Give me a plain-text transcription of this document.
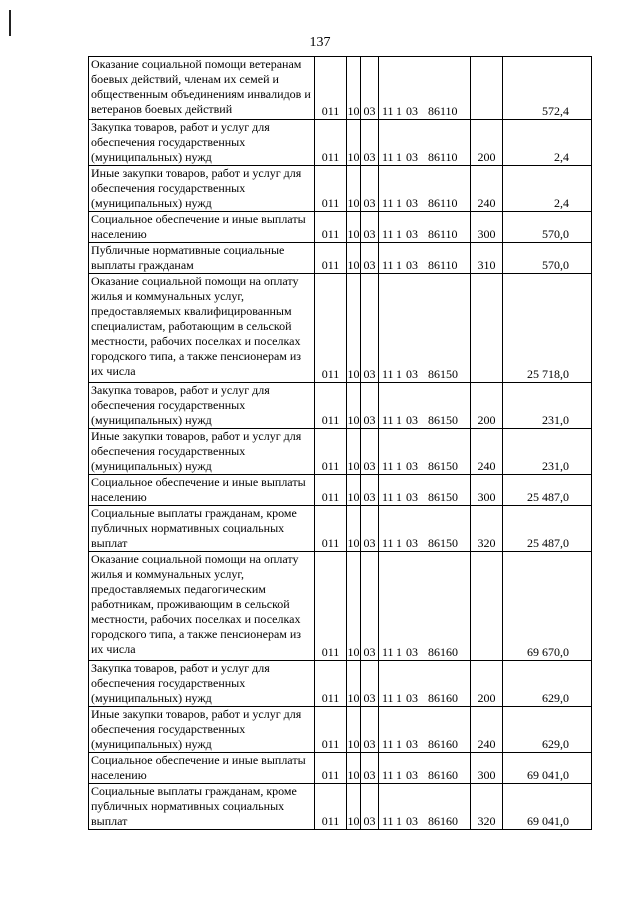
137
Оказание социальной помощи ветеранам боевых действий, членам их семей и общественным объединениям инвалидов и ветеранов боевых действий	011	10	03	11 1 03 86110		572,4
Закупка товаров, работ и услуг для обеспечения государственных (муниципальных) нужд	011	10	03	11 1 03 86110	200	2,4
Иные закупки товаров, работ и услуг для обеспечения государственных (муниципальных) нужд	011	10	03	11 1 03 86110	240	2,4
Социальное обеспечение и иные выплаты населению	011	10	03	11 1 03 86110	300	570,0
Публичные нормативные социальные выплаты гражданам	011	10	03	11 1 03 86110	310	570,0
Оказание социальной помощи на оплату жилья и коммунальных услуг, предоставляемых квалифицированным специалистам, работающим в сельской местности, рабочих поселках и поселках городского типа, а также пенсионерам из их числа	011	10	03	11 1 03 86150		25 718,0
Закупка товаров, работ и услуг для обеспечения государственных (муниципальных) нужд	011	10	03	11 1 03 86150	200	231,0
Иные закупки товаров, работ и услуг для обеспечения государственных (муниципальных) нужд	011	10	03	11 1 03 86150	240	231,0
Социальное обеспечение и иные выплаты населению	011	10	03	11 1 03 86150	300	25 487,0
Социальные выплаты гражданам, кроме публичных нормативных социальных выплат	011	10	03	11 1 03 86150	320	25 487,0
Оказание социальной помощи на оплату жилья и коммунальных услуг, предоставляемых педагогическим работникам, проживающим в сельской местности, рабочих поселках и поселках городского типа, а также пенсионерам из их числа	011	10	03	11 1 03 86160		69 670,0
Закупка товаров, работ и услуг для обеспечения государственных (муниципальных) нужд	011	10	03	11 1 03 86160	200	629,0
Иные закупки товаров, работ и услуг для обеспечения государственных (муниципальных) нужд	011	10	03	11 1 03 86160	240	629,0
Социальное обеспечение и иные выплаты населению	011	10	03	11 1 03 86160	300	69 041,0
Социальные выплаты гражданам, кроме публичных нормативных социальных выплат	011	10	03	11 1 03 86160	320	69 041,0
